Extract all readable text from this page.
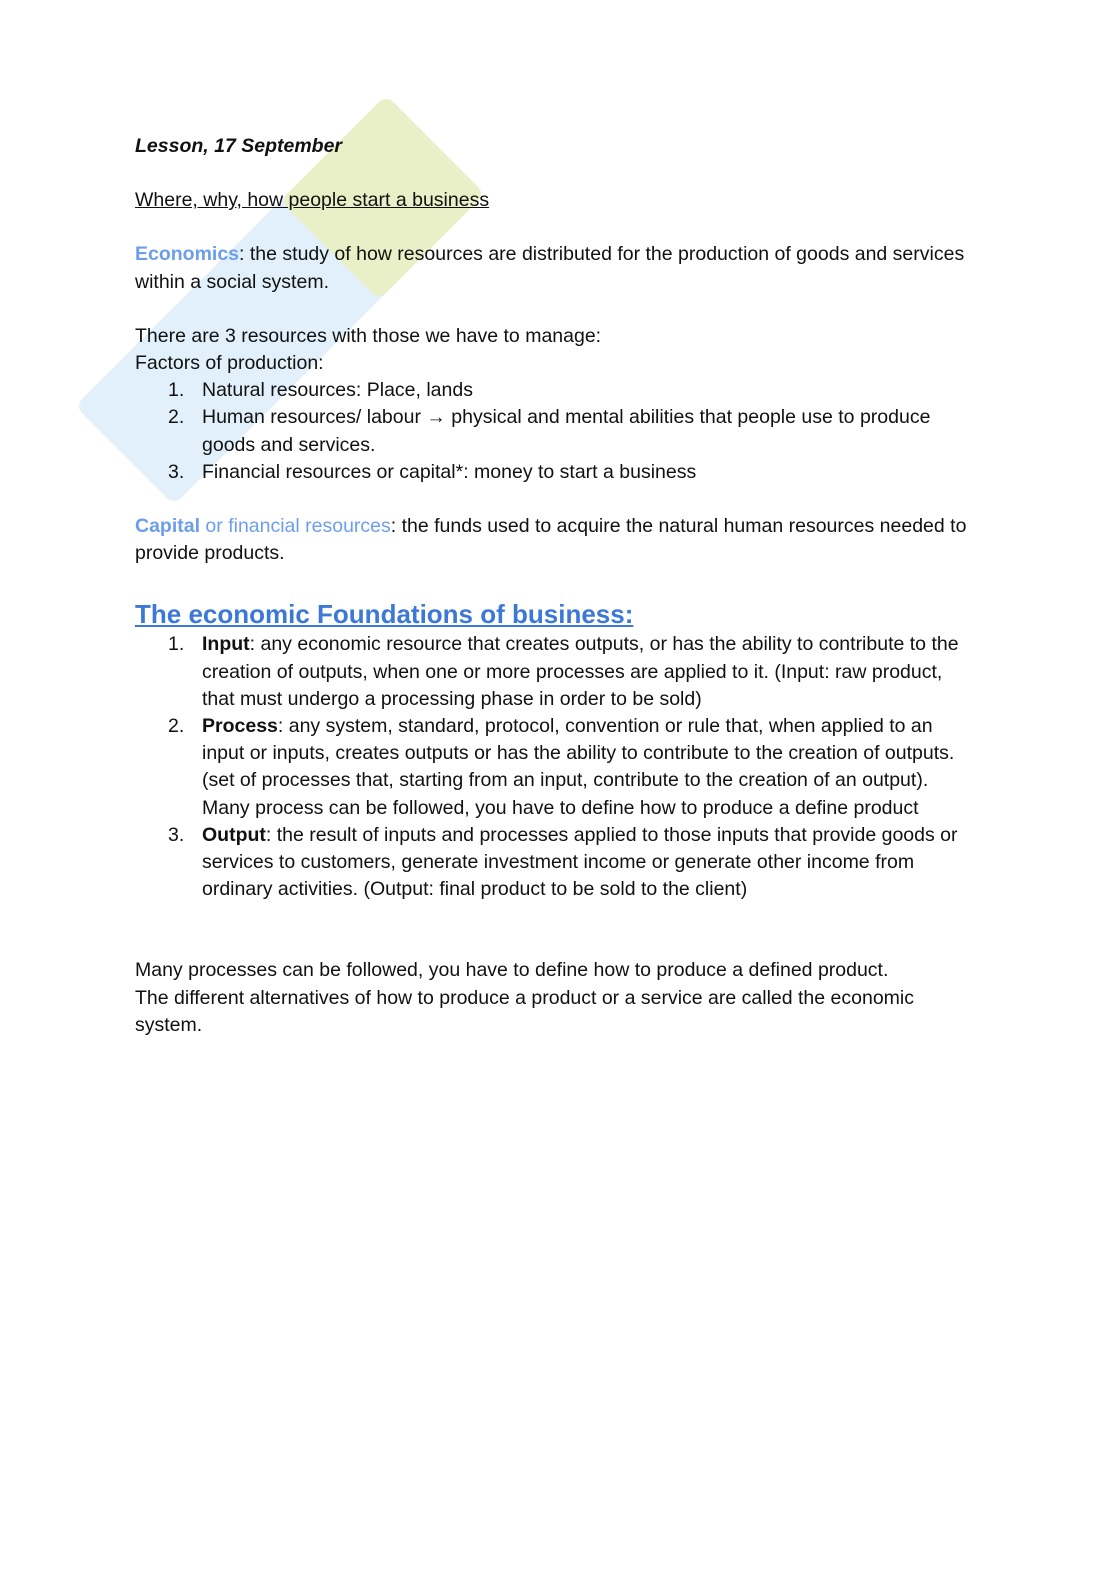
Lesson, 17 September

Where, why, how people start a business

Economics: the study of how resources are distributed for the production of goods and services within a social system.

There are 3 resources with those we have to manage:

Factors of production:

1. Natural resources: Place, lands
2. Human resources/ labour → physical and mental abilities that people use to produce goods and services.
3. Financial resources or capital*: money to start a business

Capital or financial resources: the funds used to acquire the natural human resources needed to provide products.

The economic Foundations of business:

1. Input: any economic resource that creates outputs, or has the ability to contribute to the creation of outputs, when one or more processes are applied to it. (Input: raw product, that must undergo a processing phase in order to be sold)
2. Process: any system, standard, protocol, convention or rule that, when applied to an input or inputs, creates outputs or has the ability to contribute to the creation of outputs. (set of processes that, starting from an input, contribute to the creation of an output). Many process can be followed, you have to define how to produce a define product
3. Output: the result of inputs and processes applied to those inputs that provide goods or services to customers, generate investment income or generate other income from ordinary activities. (Output: final product to be sold to the client)

Many processes can be followed, you have to define how to produce a defined product.

The different alternatives of how to produce a product or a service are called the economic system.
